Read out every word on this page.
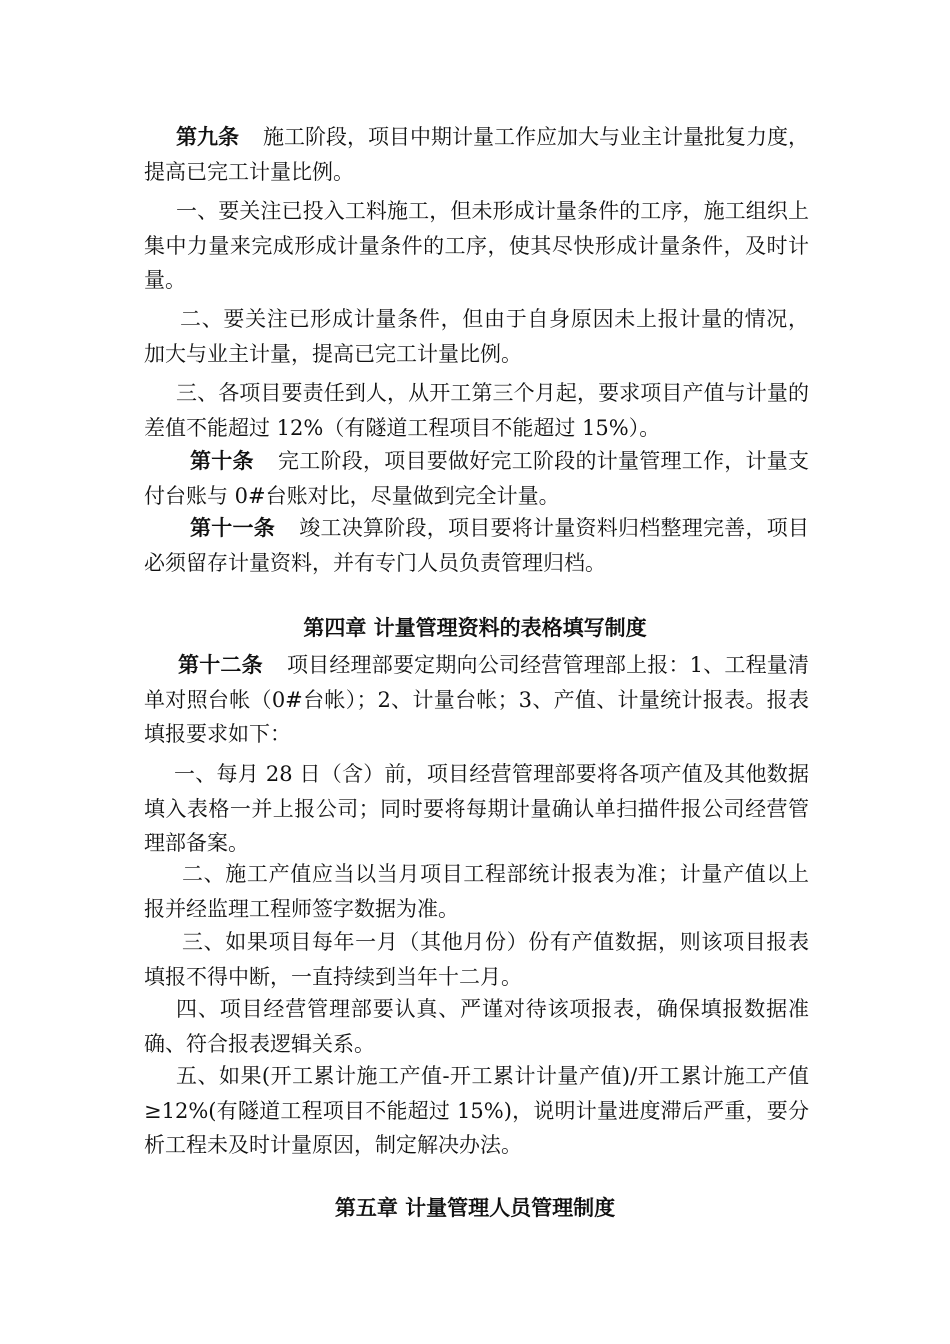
第九条 施工阶段，项目中期计量工作应加大与业主计量批复力度，提高已完工计量比例。

一、要关注已投入工料施工，但未形成计量条件的工序，施工组织上集中力量来完成形成计量条件的工序，使其尽快形成计量条件，及时计量。

二、要关注已形成计量条件，但由于自身原因未上报计量的情况，加大与业主计量，提高已完工计量比例。

三、各项目要责任到人，从开工第三个月起，要求项目产值与计量的差值不能超过 12%（有隧道工程项目不能超过 15%）。

第十条 完工阶段，项目要做好完工阶段的计量管理工作，计量支付台账与 0#台账对比，尽量做到完全计量。

第十一条 竣工决算阶段，项目要将计量资料归档整理完善，项目必须留存计量资料，并有专门人员负责管理归档。

第四章 计量管理资料的表格填写制度

第十二条 项目经理部要定期向公司经营管理部上报：1、工程量清单对照台帐（0#台帐）；2、计量台帐；3、产值、计量统计报表。报表填报要求如下：

一、每月 28 日（含）前，项目经营管理部要将各项产值及其他数据填入表格一并上报公司；同时要将每期计量确认单扫描件报公司经营管理部备案。

二、施工产值应当以当月项目工程部统计报表为准；计量产值以上报并经监理工程师签字数据为准。

三、如果项目每年一月（其他月份）份有产值数据，则该项目报表填报不得中断，一直持续到当年十二月。

四、项目经营管理部要认真、严谨对待该项报表，确保填报数据准确、符合报表逻辑关系。

五、如果(开工累计施工产值-开工累计计量产值)/开工累计施工产值≥12%(有隧道工程项目不能超过 15%)，说明计量进度滞后严重，要分析工程未及时计量原因，制定解决办法。

第五章 计量管理人员管理制度
